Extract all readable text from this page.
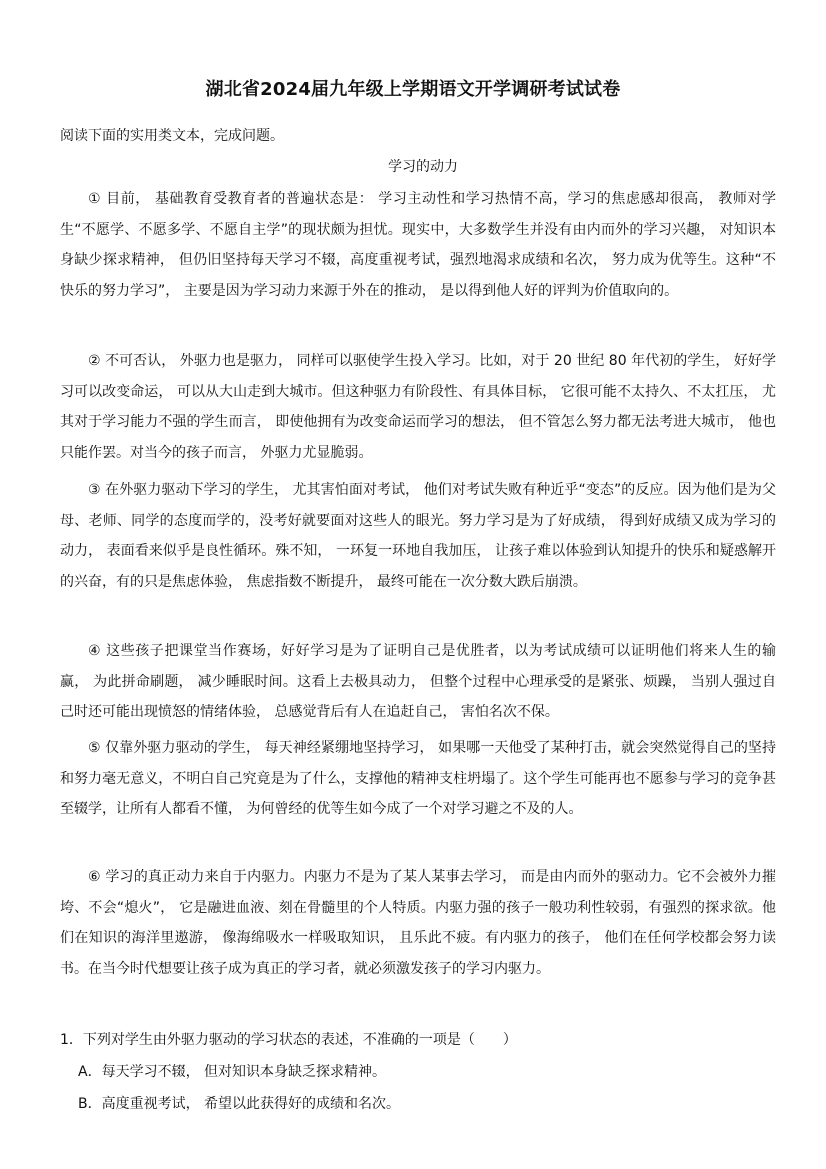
湖北省2024届九年级上学期语文开学调研考试试卷
阅读下面的实用类文本，完成问题。
学习的动力

① 目前， 基础教育受教育者的普遍状态是： 学习主动性和学习热情不高，学习的焦虑感却很高， 教师对学生“不愿学、不愿多学、不愿自主学”的现状颇为担忧。现实中，大多数学生并没有由内而外的学习兴趣， 对知识本身缺少探求精神， 但仍旧坚持每天学习不辍，高度重视考试，强烈地渴求成绩和名次， 努力成为优等生。这种“不快乐的努力学习”， 主要是因为学习动力来源于外在的推动， 是以得到他人好的评判为价值取向的。

② 不可否认， 外驱力也是驱力， 同样可以驱使学生投入学习。比如，对于 20 世纪 80 年代初的学生， 好好学习可以改变命运， 可以从大山走到大城市。但这种驱力有阶段性、有具体目标， 它很可能不太持久、不太扛压， 尤其对于学习能力不强的学生而言， 即使他拥有为改变命运而学习的想法， 但不管怎么努力都无法考进大城市， 他也只能作罢。对当今的孩子而言， 外驱力尤显脆弱。

③ 在外驱力驱动下学习的学生， 尤其害怕面对考试， 他们对考试失败有种近乎“变态”的反应。因为他们是为父母、老师、同学的态度而学的，没考好就要面对这些人的眼光。努力学习是为了好成绩， 得到好成绩又成为学习的动力， 表面看来似乎是良性循环。殊不知， 一环复一环地自我加压， 让孩子难以体验到认知提升的快乐和疑惑解开的兴奋，有的只是焦虑体验， 焦虑指数不断提升， 最终可能在一次分数大跌后崩溃。

④ 这些孩子把课堂当作赛场，好好学习是为了证明自己是优胜者，以为考试成绩可以证明他们将来人生的输赢， 为此拼命刷题， 减少睡眠时间。这看上去极具动力， 但整个过程中心理承受的是紧张、烦躁， 当别人强过自己时还可能出现愤怒的情绪体验， 总感觉背后有人在追赶自己， 害怕名次不保。

⑤ 仅靠外驱力驱动的学生， 每天神经紧绷地坚持学习， 如果哪一天他受了某种打击，就会突然觉得自己的坚持和努力毫无意义，不明白自己究竟是为了什么，支撑他的精神支柱坍塌了。这个学生可能再也不愿参与学习的竞争甚至辍学，让所有人都看不懂， 为何曾经的优等生如今成了一个对学习避之不及的人。

⑥ 学习的真正动力来自于内驱力。内驱力不是为了某人某事去学习， 而是由内而外的驱动力。它不会被外力摧垮、不会“熄火”， 它是融进血液、刻在骨髓里的个人特质。内驱力强的孩子一般功利性较弱，有强烈的探求欲。他们在知识的海洋里遨游， 像海绵吸水一样吸取知识， 且乐此不疲。有内驱力的孩子， 他们在任何学校都会努力读书。在当今时代想要让孩子成为真正的学习者，就必须激发孩子的学习内驱力。

1．下列对学生由外驱力驱动的学习状态的表述，不准确的一项是（　　）
A．每天学习不辍， 但对知识本身缺乏探求精神。
B．高度重视考试， 希望以此获得好的成绩和名次。
